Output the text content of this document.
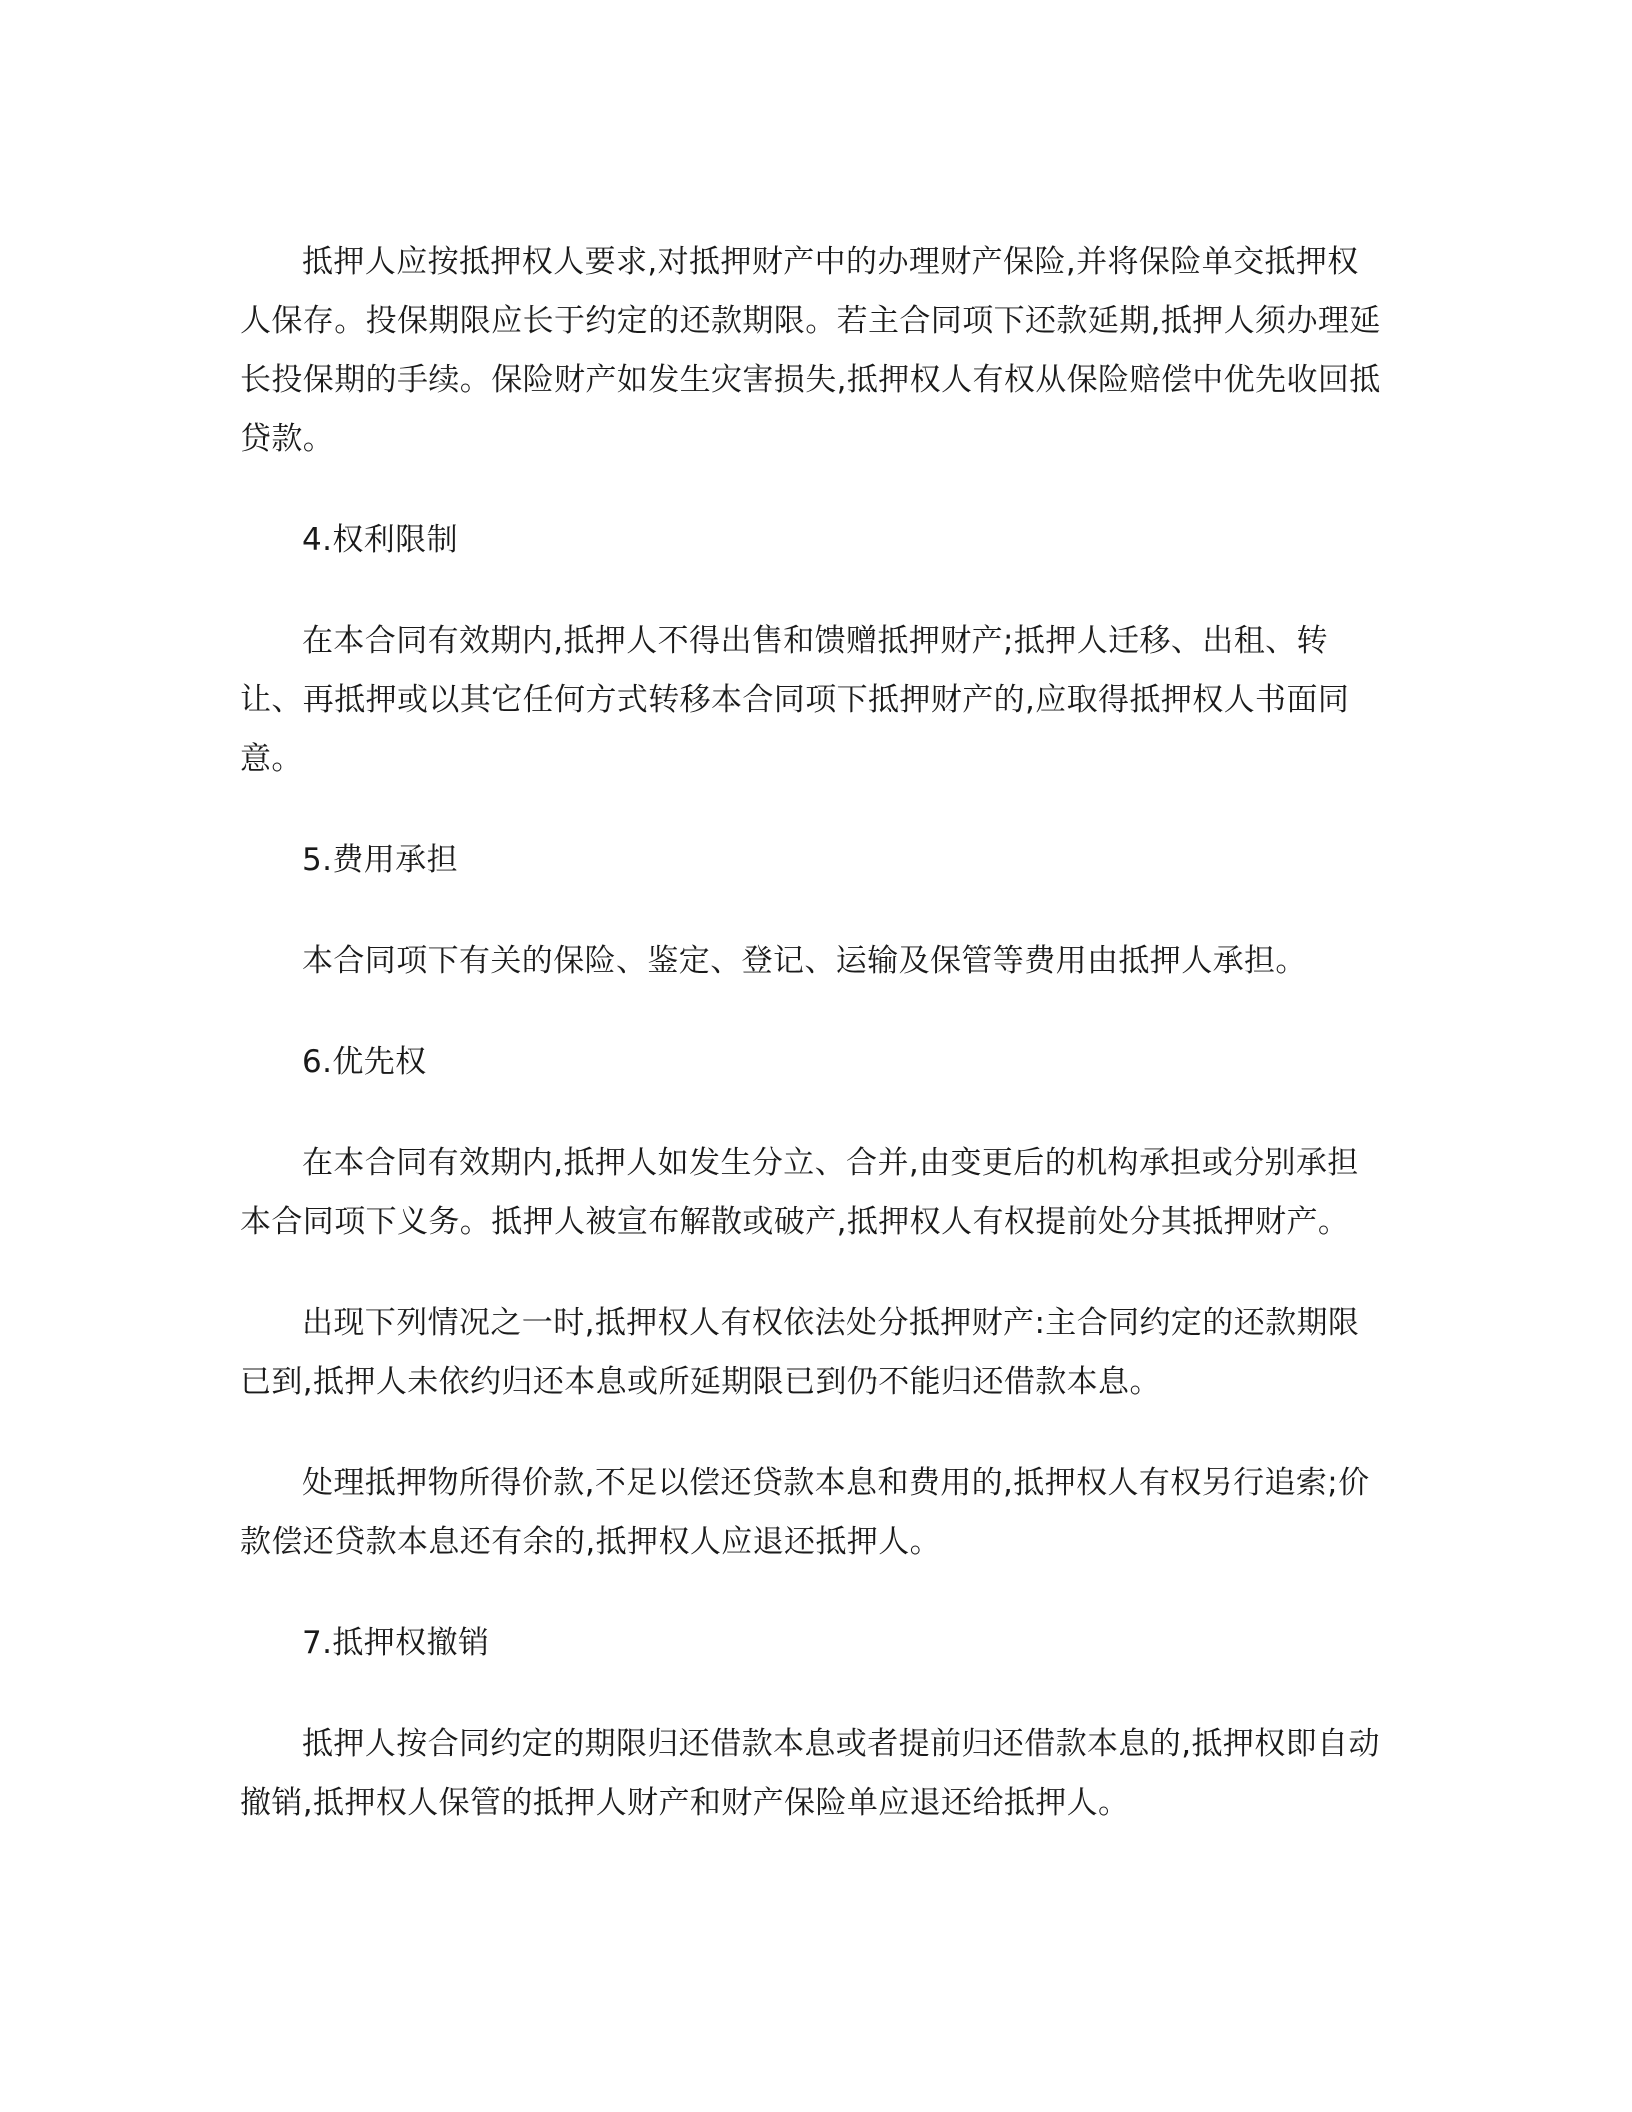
抵押人应按抵押权人要求,对抵押财产中的办理财产保险,并将保险单交抵押权人保存。投保期限应长于约定的还款期限。若主合同项下还款延期,抵押人须办理延长投保期的手续。保险财产如发生灾害损失,抵押权人有权从保险赔偿中优先收回抵贷款。

4.权利限制

在本合同有效期内,抵押人不得出售和馈赠抵押财产;抵押人迁移、出租、转让、再抵押或以其它任何方式转移本合同项下抵押财产的,应取得抵押权人书面同意。

5.费用承担

本合同项下有关的保险、鉴定、登记、运输及保管等费用由抵押人承担。

6.优先权

在本合同有效期内,抵押人如发生分立、合并,由变更后的机构承担或分别承担本合同项下义务。抵押人被宣布解散或破产,抵押权人有权提前处分其抵押财产。

出现下列情况之一时,抵押权人有权依法处分抵押财产:主合同约定的还款期限已到,抵押人未依约归还本息或所延期限已到仍不能归还借款本息。

处理抵押物所得价款,不足以偿还贷款本息和费用的,抵押权人有权另行追索;价款偿还贷款本息还有余的,抵押权人应退还抵押人。

7.抵押权撤销

抵押人按合同约定的期限归还借款本息或者提前归还借款本息的,抵押权即自动撤销,抵押权人保管的抵押人财产和财产保险单应退还给抵押人。
